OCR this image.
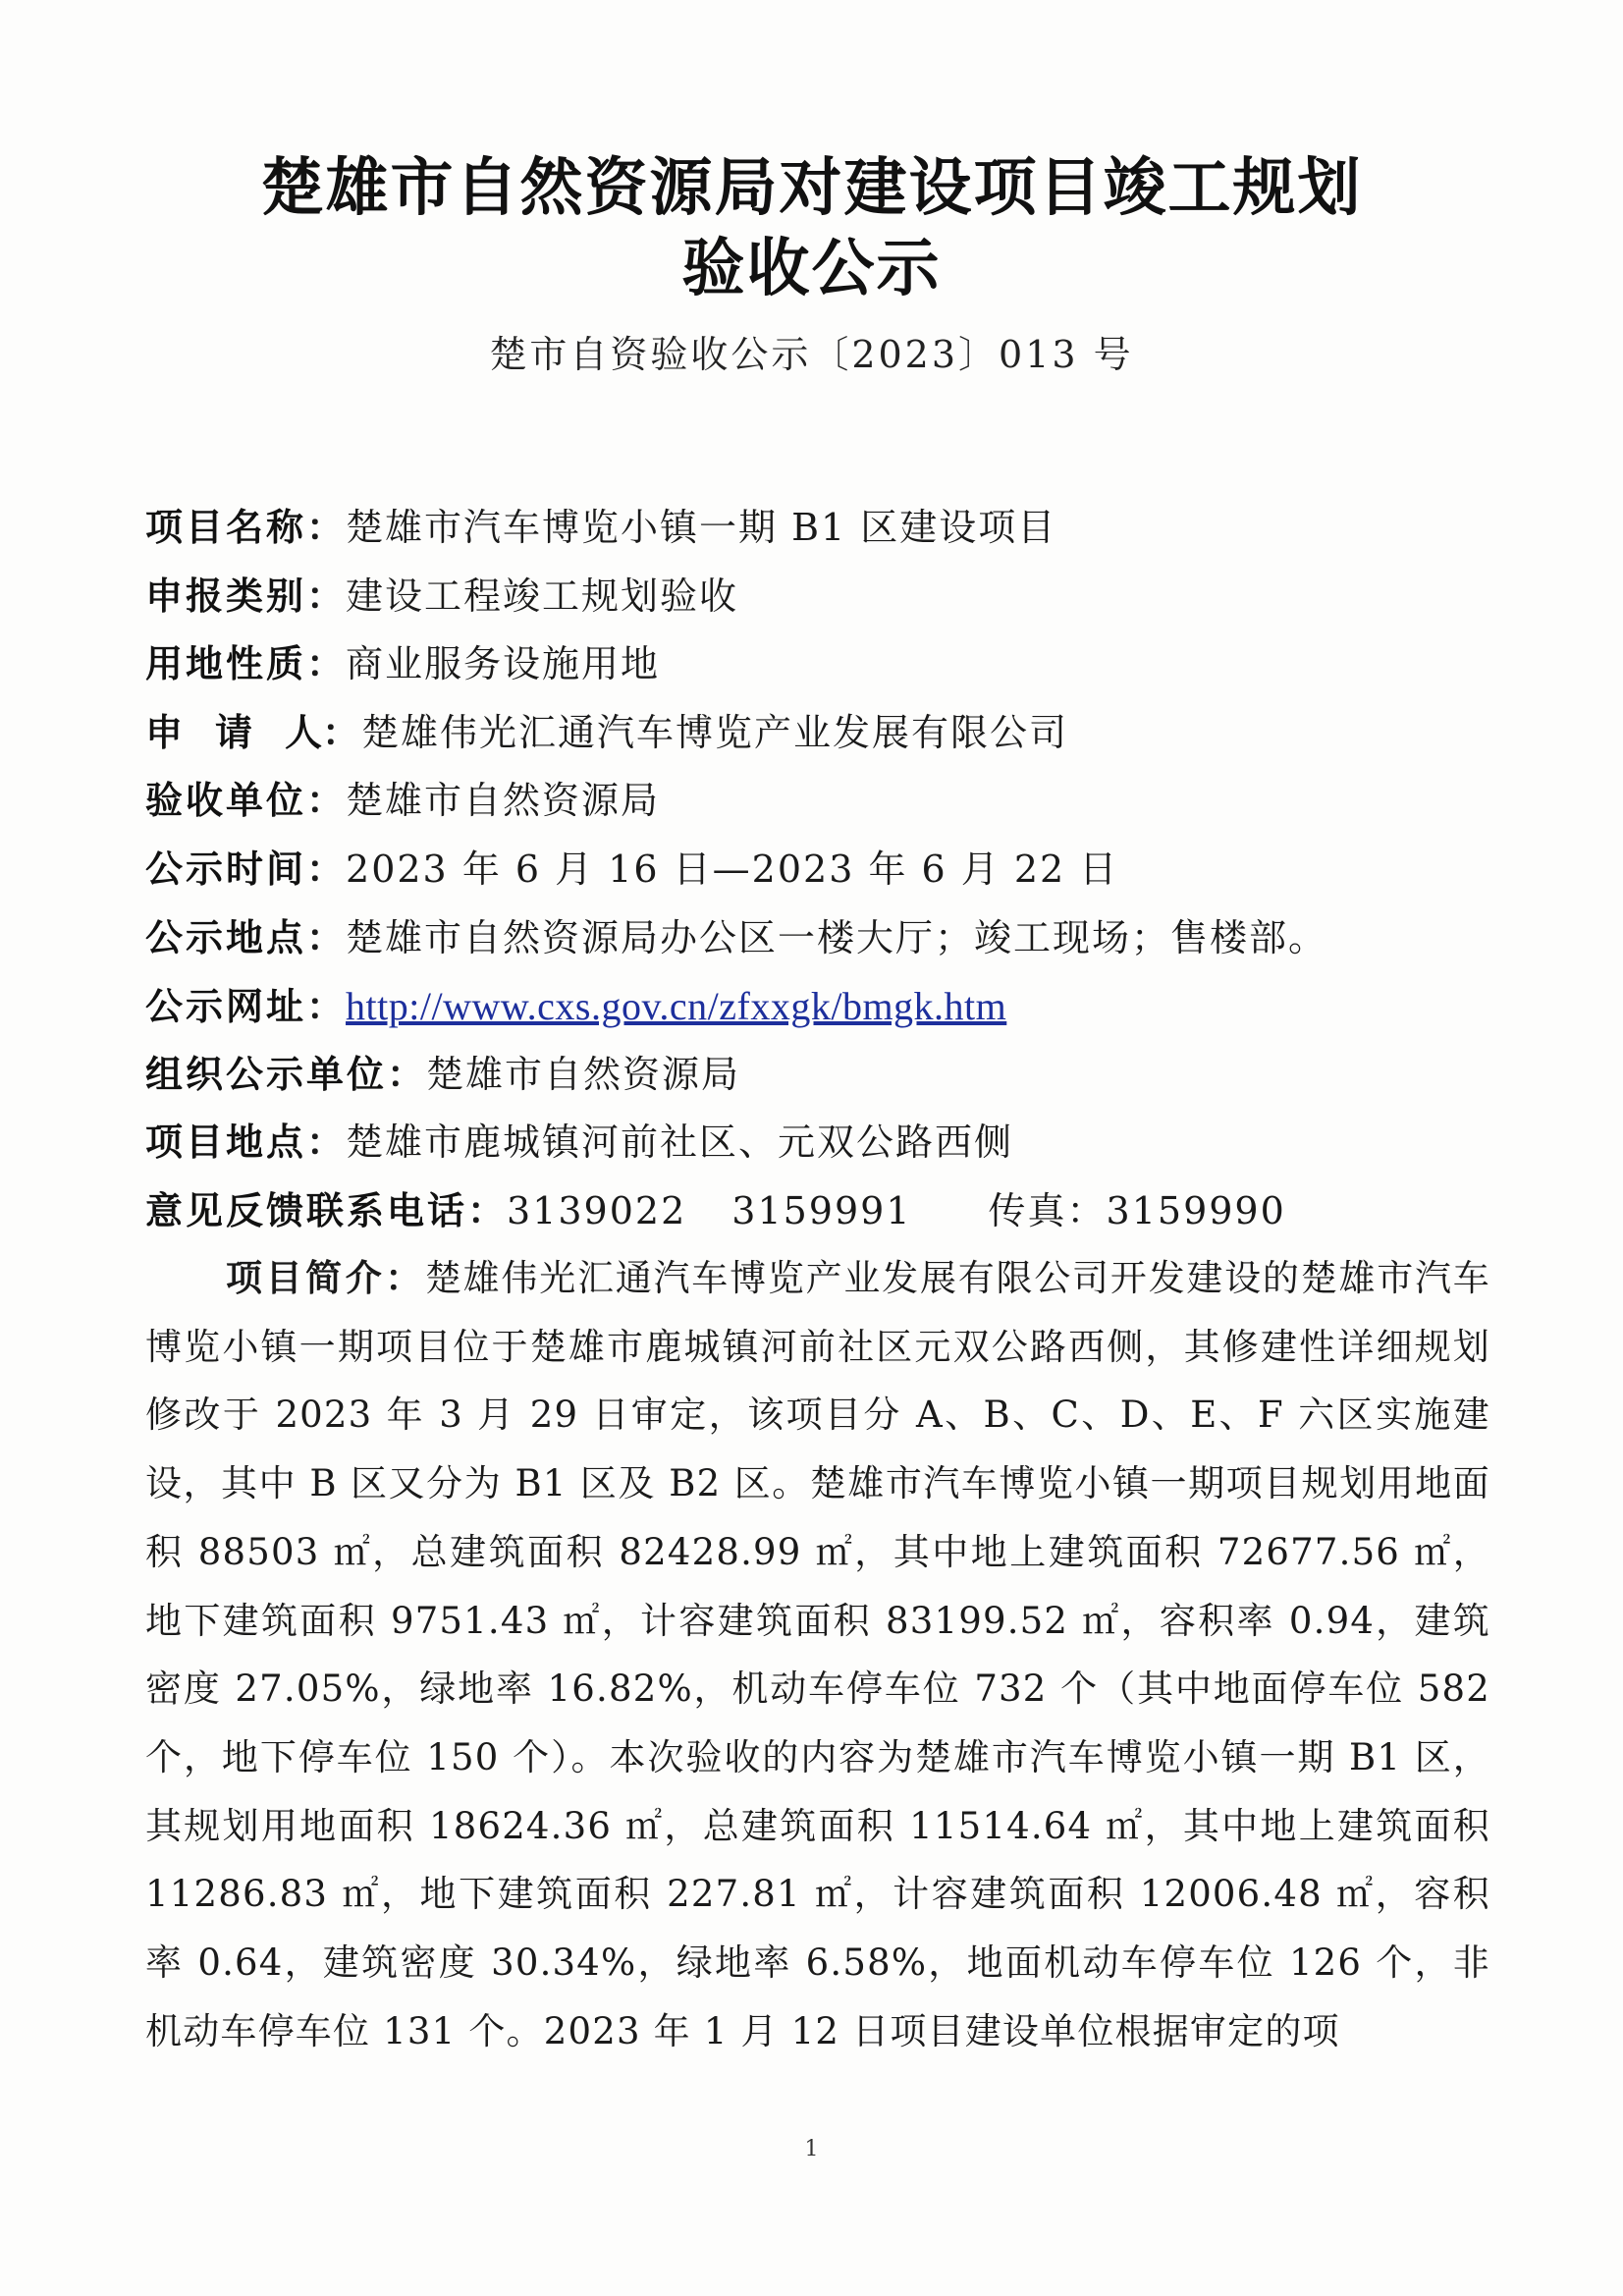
楚雄市自然资源局对建设项目竣工规划
验收公示
楚市自资验收公示〔2023〕013 号
项目名称：楚雄市汽车博览小镇一期 B1 区建设项目
申报类别：建设工程竣工规划验收
用地性质：商业服务设施用地
申 请 人：楚雄伟光汇通汽车博览产业发展有限公司
验收单位：楚雄市自然资源局
公示时间：2023 年 6 月 16 日—2023 年 6 月 22 日
公示地点：楚雄市自然资源局办公区一楼大厅；竣工现场；售楼部。
公示网址：http://www.cxs.gov.cn/zfxxgk/bmgk.htm
组织公示单位：楚雄市自然资源局
项目地点：楚雄市鹿城镇河前社区、元双公路西侧
意见反馈联系电话：3139022 3159991 传真：3159990

项目简介：楚雄伟光汇通汽车博览产业发展有限公司开发建设的楚雄市汽车博览小镇一期项目位于楚雄市鹿城镇河前社区元双公路西侧，其修建性详细规划修改于 2023 年 3 月 29 日审定，该项目分 A、B、C、D、E、F 六区实施建设，其中 B 区又分为 B1 区及 B2 区。楚雄市汽车博览小镇一期项目规划用地面积 88503 ㎡，总建筑面积 82428.99 ㎡，其中地上建筑面积 72677.56 ㎡，地下建筑面积 9751.43 ㎡，计容建筑面积 83199.52 ㎡，容积率 0.94，建筑密度 27.05%，绿地率 16.82%，机动车停车位 732 个（其中地面停车位 582 个，地下停车位 150 个）。本次验收的内容为楚雄市汽车博览小镇一期 B1 区，其规划用地面积 18624.36 ㎡，总建筑面积 11514.64 ㎡，其中地上建筑面积 11286.83 ㎡，地下建筑面积 227.81 ㎡，计容建筑面积 12006.48 ㎡，容积率 0.64，建筑密度 30.34%，绿地率 6.58%，地面机动车停车位 126 个，非机动车停车位 131 个。2023 年 1 月 12 日项目建设单位根据审定的项

1
